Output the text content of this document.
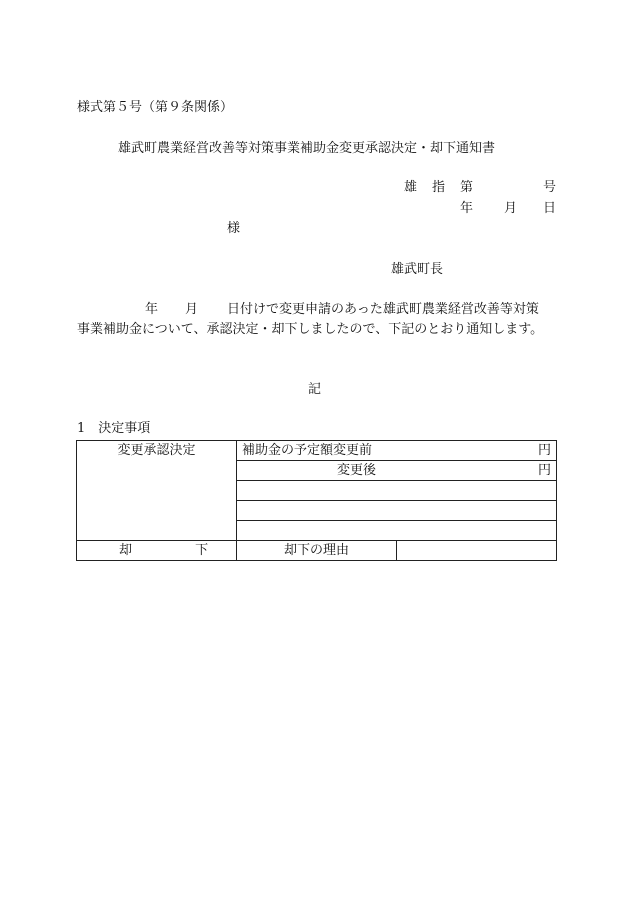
様式第５号（第９条関係）
雄武町農業経営改善等対策事業補助金変更承認決定・却下通知書
雄 指 第	号
年 月 日
様
雄武町長
年 月 日付けで変更申請のあった雄武町農業経営改善等対策
事業補助金について、承認決定・却下しましたので、下記のとおり通知します。
記
1　決定事項
変更承認決定	補助金の予定額変更前 円	

	変更後 円	

却 下	却下の理由	
